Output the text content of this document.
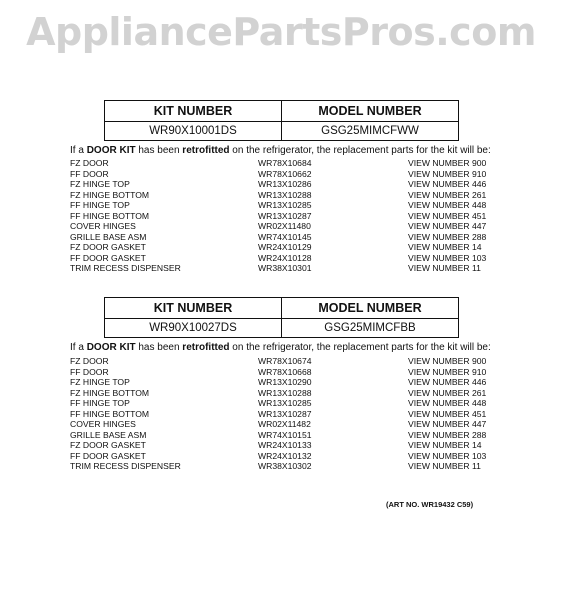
AppliancePartsPros.com
KIT NUMBER	MODEL NUMBER
WR90X10001DS	GSG25MIMCFWW
If a DOOR KIT has been retrofitted on the refrigerator, the replacement parts for the kit will be:
FZ DOOR	WR78X10684	VIEW NUMBER 900
FF DOOR	WR78X10662	VIEW NUMBER 910
FZ HINGE TOP	WR13X10286	VIEW NUMBER 446
FZ HINGE BOTTOM	WR13X10288	VIEW NUMBER 261
FF HINGE TOP	WR13X10285	VIEW NUMBER 448
FF HINGE BOTTOM	WR13X10287	VIEW NUMBER 451
COVER HINGES	WR02X11480	VIEW NUMBER 447
GRILLE BASE ASM	WR74X10145	VIEW NUMBER 288
FZ DOOR GASKET	WR24X10129	VIEW NUMBER 14
FF DOOR GASKET	WR24X10128	VIEW NUMBER 103
TRIM RECESS DISPENSER	WR38X10301	VIEW NUMBER 11
KIT NUMBER	MODEL NUMBER
WR90X10027DS	GSG25MIMCFBB
If a DOOR KIT has been retrofitted on the refrigerator, the replacement parts for the kit will be:
FZ DOOR	WR78X10674	VIEW NUMBER 900
FF DOOR	WR78X10668	VIEW NUMBER 910
FZ HINGE TOP	WR13X10290	VIEW NUMBER 446
FZ HINGE BOTTOM	WR13X10288	VIEW NUMBER 261
FF HINGE TOP	WR13X10285	VIEW NUMBER 448
FF HINGE BOTTOM	WR13X10287	VIEW NUMBER 451
COVER HINGES	WR02X11482	VIEW NUMBER 447
GRILLE BASE ASM	WR74X10151	VIEW NUMBER 288
FZ DOOR GASKET	WR24X10133	VIEW NUMBER 14
FF DOOR GASKET	WR24X10132	VIEW NUMBER 103
TRIM RECESS DISPENSER	WR38X10302	VIEW NUMBER 11
(ART NO. WR19432 C59)
